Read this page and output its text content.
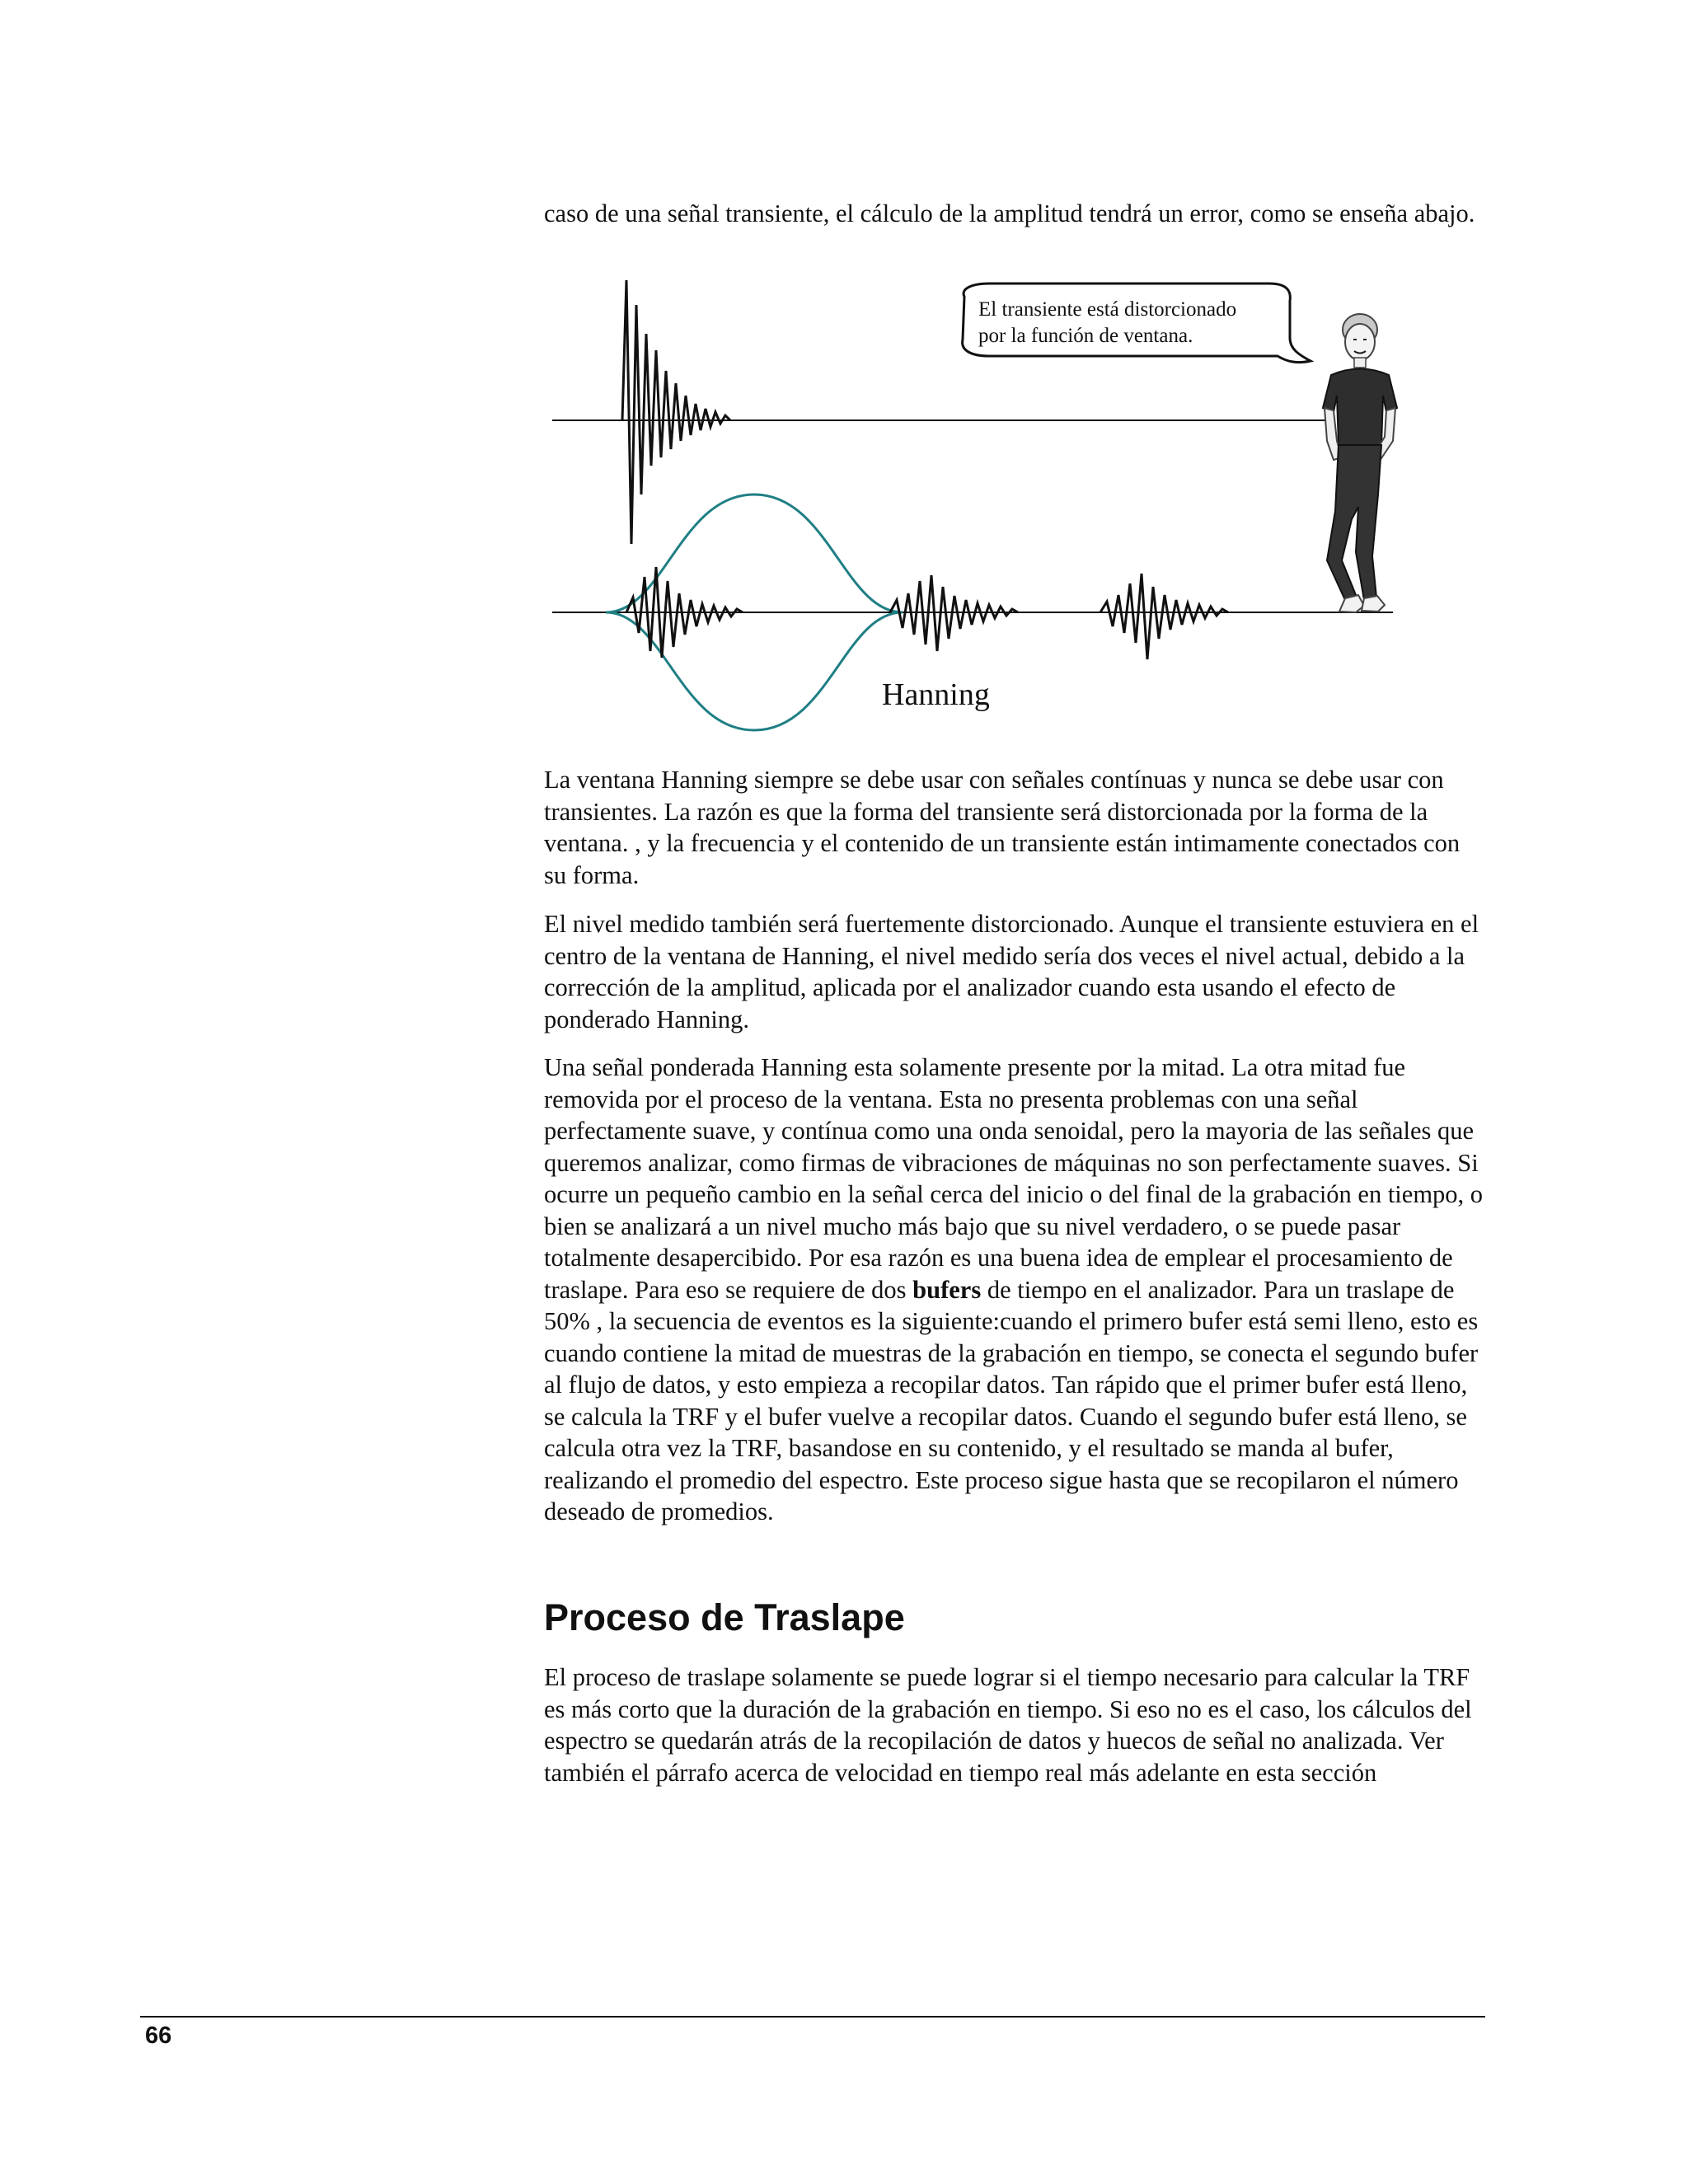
caso de una señal transiente, el cálculo de la amplitud tendrá un error, como se enseña abajo.

El transiente está distorcionado
por la función de ventana.
Hanning

La ventana Hanning siempre se debe usar con señales contínuas y nunca se debe usar con transientes. La razón es que la forma del transiente será distorcionada por la forma de la ventana. , y la frecuencia y el contenido de un transiente están intimamente conectados con su forma.

El nivel medido también será fuertemente distorcionado. Aunque el transiente estuviera en el centro de la ventana de Hanning, el nivel medido sería dos veces el nivel actual, debido a la corrección de la amplitud, aplicada por el analizador cuando esta usando el efecto de ponderado Hanning.

Una señal ponderada Hanning esta solamente presente por la mitad. La otra mitad fue removida por el proceso de la ventana. Esta no presenta problemas con una señal perfectamente suave, y contínua como una onda senoidal, pero la mayoria de las señales que queremos analizar, como firmas de vibraciones de máquinas no son perfectamente suaves. Si ocurre un pequeño cambio en la señal cerca del inicio o del final de la grabación en tiempo, o bien se analizará a un nivel mucho más bajo que su nivel verdadero, o se puede pasar totalmente desapercibido. Por esa razón es una buena idea de emplear el procesamiento de traslape. Para eso se requiere de dos bufers de tiempo en el analizador. Para un traslape de 50% , la secuencia de eventos es la siguiente:cuando el primero bufer está semi lleno, esto es cuando contiene la mitad de muestras de la grabación en tiempo, se conecta el segundo bufer al flujo de datos, y esto empieza a recopilar datos. Tan rápido que el primer bufer está lleno, se calcula la TRF y el bufer vuelve a recopilar datos. Cuando el segundo bufer está lleno, se calcula otra vez la TRF, basandose en su contenido, y el resultado se manda al bufer, realizando el promedio del espectro. Este proceso sigue hasta que se recopilaron el número deseado de promedios.

Proceso de Traslape

El proceso de traslape solamente se puede lograr si el tiempo necesario para calcular la TRF es más corto que la duración de la grabación en tiempo. Si eso no es el caso, los cálculos del espectro se quedarán atrás de la recopilación de datos y huecos de señal no analizada. Ver también el párrafo acerca de velocidad en tiempo real más adelante en esta sección

66
